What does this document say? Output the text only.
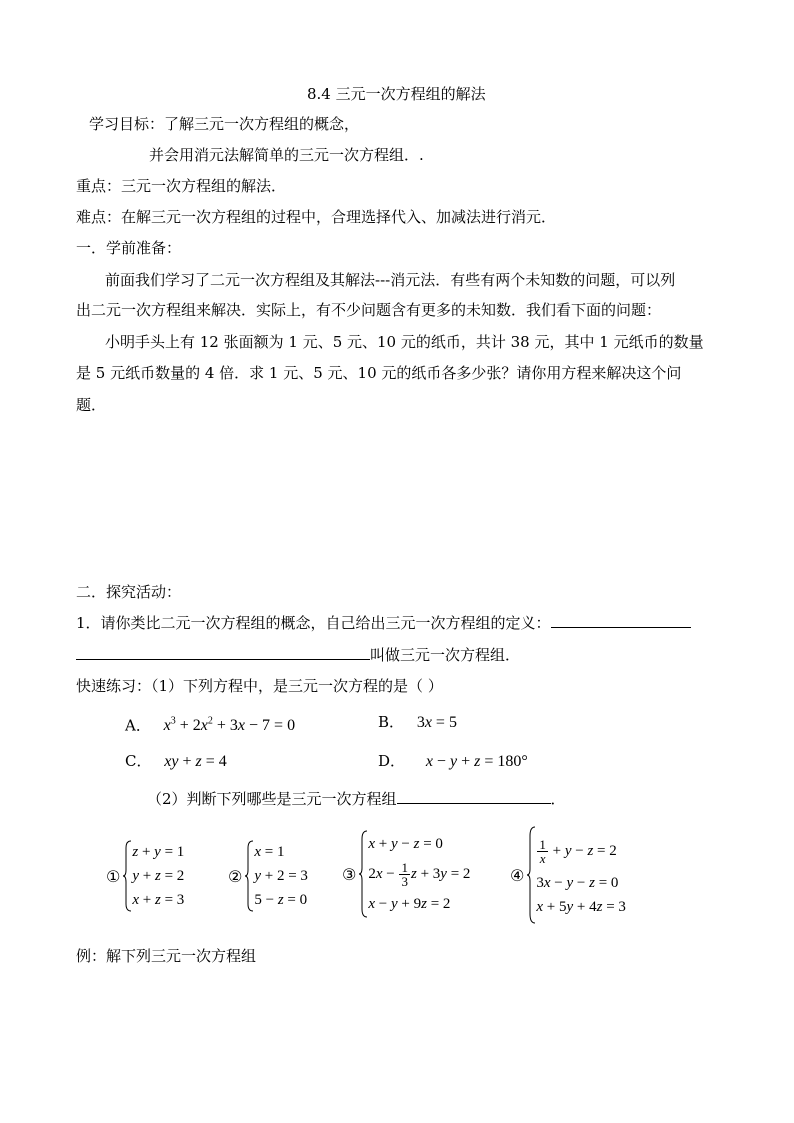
8.4 三元一次方程组的解法
学习目标：了解三元一次方程组的概念，
并会用消元法解简单的三元一次方程组．.
重点：三元一次方程组的解法．
难点：在解三元一次方程组的过程中，合理选择代入、加减法进行消元．
一．学前准备：
前面我们学习了二元一次方程组及其解法---消元法．有些有两个未知数的问题，可以列
出二元一次方程组来解决．实际上，有不少问题含有更多的未知数．我们看下面的问题：
小明手头上有 12 张面额为 1 元、5 元、10 元的纸币，共计 38 元，其中 1 元纸币的数量
是 5 元纸币数量的 4 倍．求 1 元、5 元、10 元的纸币各多少张？请你用方程来解决这个问
题．
二．探究活动：
1．请你类比二元一次方程组的概念，自己给出三元一次方程组的定义：
叫做三元一次方程组．
快速练习：（1）下列方程中，是三元一次方程的是（ ）
A． $x^3 + 2x^2 + 3x - 7 = 0$	B．   3x = 5
C． xy + z = 4	D． x − y + z = 180°
（2）判断下列哪些是三元一次方程组	．
①
z + y = 1
y + z = 2
x + z = 3
②
x = 1
y + 2 = 3
5 − z = 0
③
x + y − z = 0
$2x - \frac{1}{3}$ z + 3y = 2
x − y + 9z = 2
④
$\frac{1}{x} + y - z = 2$
3x − y − z = 0
x + 5y + 4z = 3
例：解下列三元一次方程组
